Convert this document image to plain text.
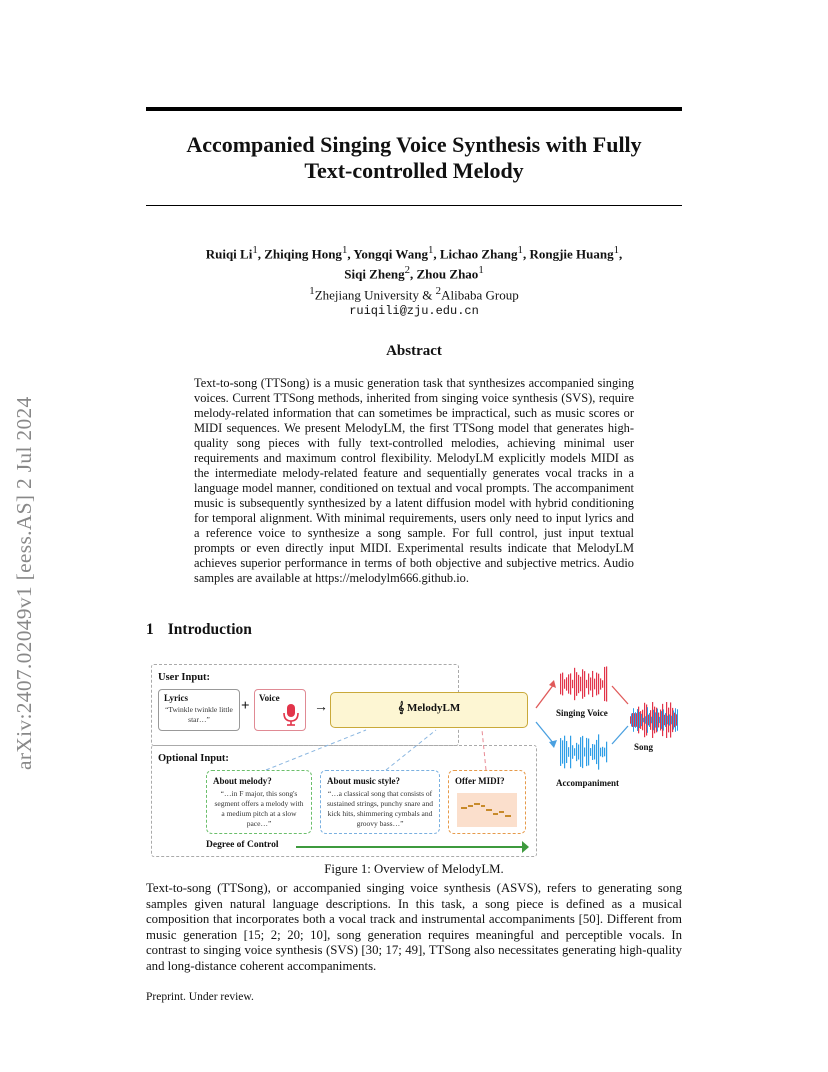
arXiv:2407.02049v1 [eess.AS] 2 Jul 2024
Accompanied Singing Voice Synthesis with Fully
Text-controlled Melody
Ruiqi Li$^1$, Zhiqing Hong$^1$, Yongqi Wang$^1$, Lichao Zhang$^1$, Rongjie Huang$^1$,
Siqi Zheng$^2$, Zhou Zhao$^1$
$^1$Zhejiang University & $^2$Alibaba Group
ruiqili@zju.edu.cn
Abstract
Text-to-song (TTSong) is a music generation task that synthesizes accompanied singing voices. Current TTSong methods, inherited from singing voice synthesis (SVS), require melody-related information that can sometimes be impractical, such as music scores or MIDI sequences. We present MelodyLM, the first TTSong model that generates high-quality song pieces with fully text-controlled melodies, achieving minimal user requirements and maximum control flexibility. MelodyLM explicitly models MIDI as the intermediate melody-related feature and sequentially generates vocal tracks in a language model manner, conditioned on textual and vocal prompts. The accompaniment music is subsequently synthesized by a latent diffusion model with hybrid conditioning for temporal alignment. With minimal requirements, users only need to input lyrics and a reference voice to synthesize a song sample. For full control, just input textual prompts or even directly input MIDI. Experimental results indicate that MelodyLM achieves superior performance in terms of both objective and subjective metrics. Audio samples are available at https://melodylm666.github.io.
1 Introduction
User Input:
Lyrics
“Twinkle twinkle little star…”
+ Voice
→	𝄞 MelodyLM
Optional Input:
About melody?
“…in F major, this song's segment offers a melody with a medium pitch at a slow pace…”
About music style?
“…a classical song that consists of sustained strings, punchy snare and kick hits, shimmering cymbals and groovy bass…”
Offer MIDI?
Degree of Control
Singing Voice
Accompaniment
Song
Figure 1: Overview of MelodyLM.
Text-to-song (TTSong), or accompanied singing voice synthesis (ASVS), refers to generating song samples given natural language descriptions. In this task, a song piece is defined as a musical composition that incorporates both a vocal track and instrumental accompaniments [50]. Different from music generation [15; 2; 20; 10], song generation requires meaningful and perceptible vocals. In contrast to singing voice synthesis (SVS) [30; 17; 49], TTSong also necessitates generating high-quality and long-distance coherent accompaniments.
Preprint. Under review.
